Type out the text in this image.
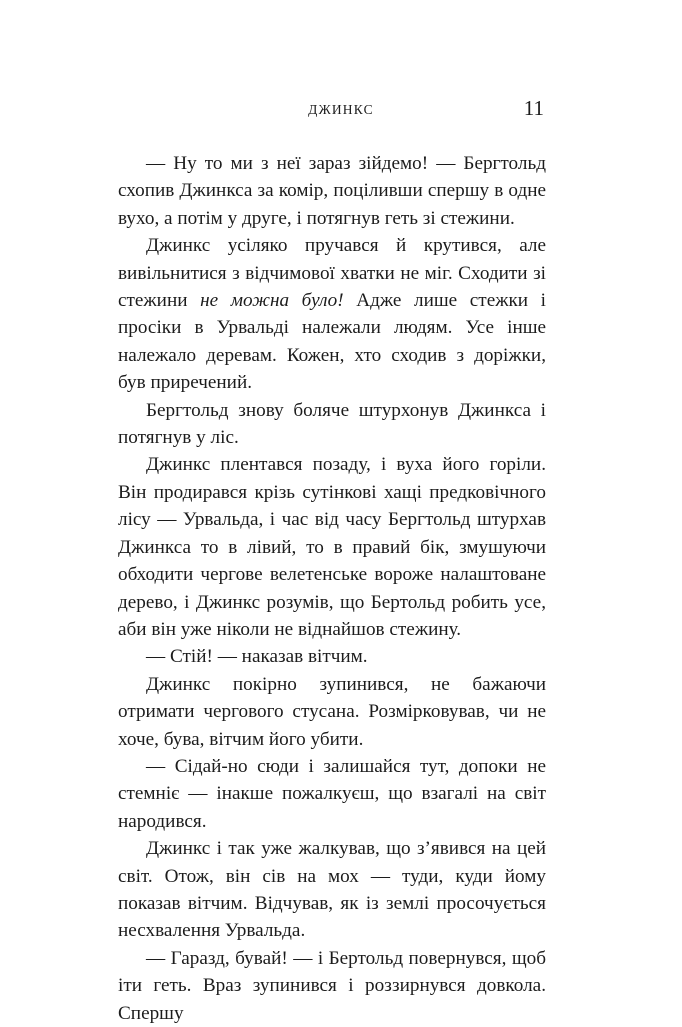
ДЖИНКС	11

— Ну то ми з неї зараз зійдемо! — Бергтольд схопив Джинкса за комір, поціливши спершу в одне вухо, а потім у друге, і потягнув геть зі стежини.

Джинкс усіляко пручався й крутився, але вивільнитися з відчимової хватки не міг. Сходити зі стежини не можна було! Адже лише стежки і просіки в Урвальді належали людям. Усе інше належало деревам. Кожен, хто сходив з доріжки, був приречений.

Бергтольд знову боляче штурхонув Джинкса і потягнув у ліс.

Джинкс плентався позаду, і вуха його горіли. Він продирався крізь сутінкові хащі предковічного лісу — Урвальда, і час від часу Бергтольд штурхав Джинкса то в лівий, то в правий бік, змушуючи обходити чергове велетенське вороже налаштоване дерево, і Джинкс розумів, що Бертольд робить усе, аби він уже ніколи не віднайшов стежину.

— Стій! — наказав вітчим.

Джинкс покірно зупинився, не бажаючи отримати чергового стусана. Розмірковував, чи не хоче, бува, вітчим його убити.

— Сідай-но сюди і залишайся тут, допоки не стемніє — інакше пожалкуєш, що взагалі на світ народився.

Джинкс і так уже жалкував, що з’явився на цей світ. Отож, він сів на мох — туди, куди йому показав вітчим. Відчував, як із землі просочується несхвалення Урвальда.

— Гаразд, бувай! — і Бертольд повернувся, щоб іти геть. Враз зупинився і роззирнувся довкола. Спершу
